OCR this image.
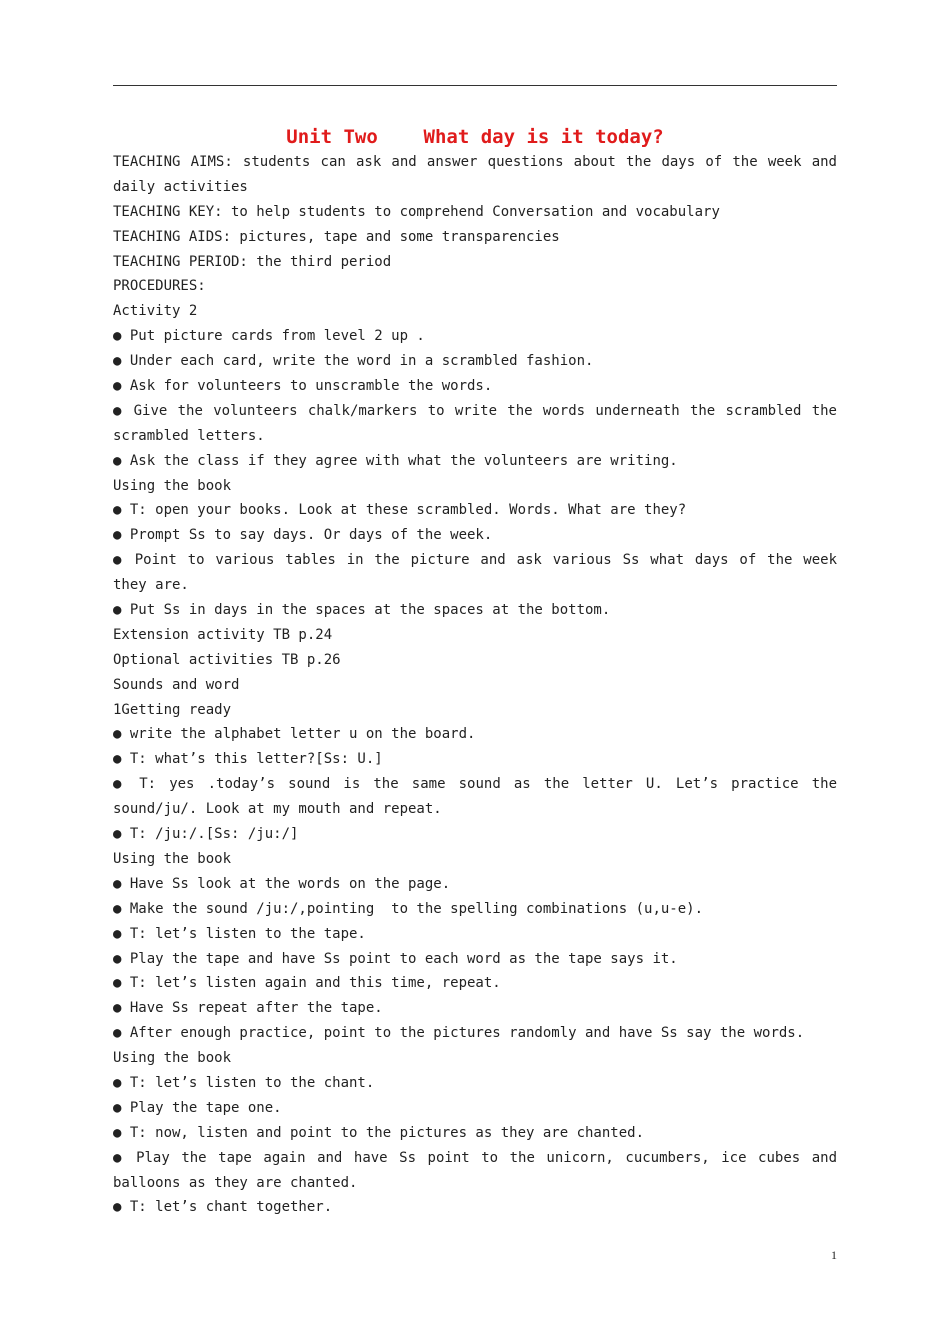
Unit Two    What day is it today?
TEACHING AIMS: students can ask and answer questions about the days of the week and
daily activities
TEACHING KEY: to help students to comprehend Conversation and vocabulary
TEACHING AIDS: pictures, tape and some transparencies
TEACHING PERIOD: the third period
PROCEDURES:
Activity 2
● Put picture cards from level 2 up .
● Under each card, write the word in a scrambled fashion.
● Ask for volunteers to unscramble the words.
● Give the volunteers chalk/markers to write the words underneath the scrambled the
scrambled letters.
● Ask the class if they agree with what the volunteers are writing.
Using the book
● T: open your books. Look at these scrambled. Words. What are they?
● Prompt Ss to say days. Or days of the week.
● Point to various tables in the picture and ask various Ss what days of the week
they are.
● Put Ss in days in the spaces at the spaces at the bottom.
Extension activity TB p.24
Optional activities TB p.26
Sounds and word
1Getting ready
● write the alphabet letter u on the board.
● T: what’s this letter?[Ss: U.]
● T: yes .today’s sound is the same sound as the letter U. Let’s practice the
sound/ju/. Look at my mouth and repeat.
● T: /ju:/.[Ss: /ju:/]
Using the book
● Have Ss look at the words on the page.
● Make the sound /ju:/,pointing  to the spelling combinations (u,u-e).
● T: let’s listen to the tape.
● Play the tape and have Ss point to each word as the tape says it.
● T: let’s listen again and this time, repeat.
● Have Ss repeat after the tape.
● After enough practice, point to the pictures randomly and have Ss say the words.
Using the book
● T: let’s listen to the chant.
● Play the tape one.
● T: now, listen and point to the pictures as they are chanted.
● Play the tape again and have Ss point to the unicorn, cucumbers, ice cubes and
balloons as they are chanted.
● T: let’s chant together.
1
